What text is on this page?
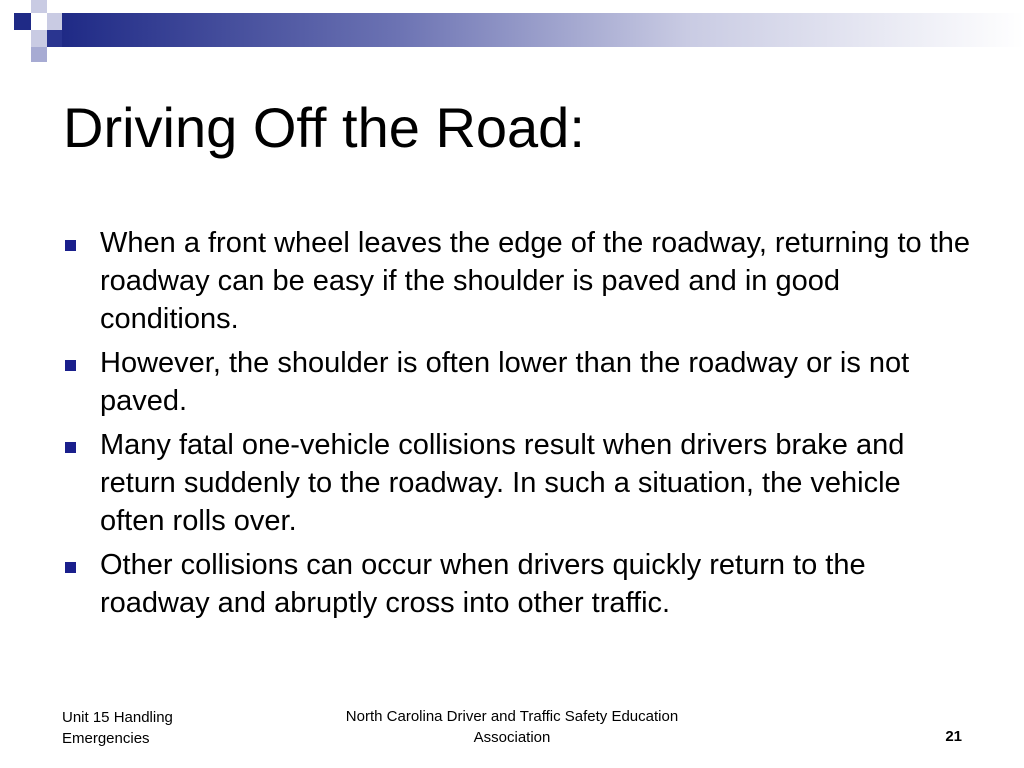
Driving Off the Road:
When a front wheel leaves the edge of the roadway, returning to the roadway can be easy if the shoulder is paved and in good conditions.
However, the shoulder is often lower than the roadway or is not paved.
Many fatal one-vehicle collisions result when drivers brake and return suddenly to the roadway. In such a situation, the vehicle often rolls over.
Other collisions can occur when drivers quickly return to the roadway and abruptly cross into other traffic.
Unit 15 Handling Emergencies
North Carolina Driver and Traffic Safety Education Association	21
